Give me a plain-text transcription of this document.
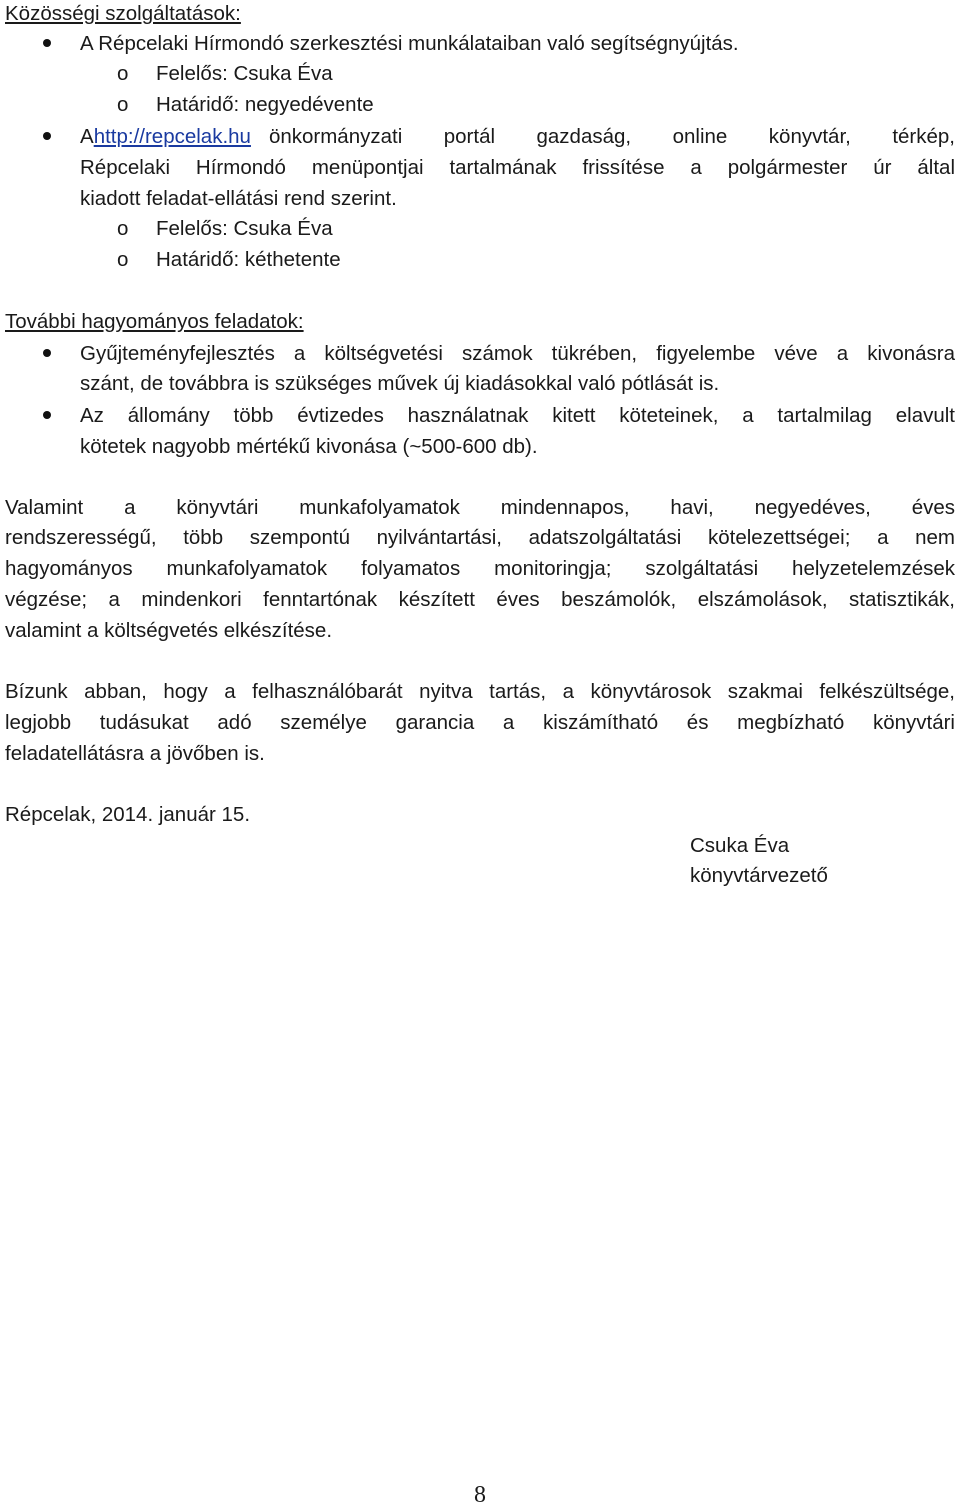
Közösségi szolgáltatások:
A Répcelaki Hírmondó szerkesztési munkálataiban való segítségnyújtás.
o Felelős: Csuka Éva
o Határidő: negyedévente
A http://repcelak.hu önkormányzati portál gazdaság, online könyvtár, térkép,
Répcelaki Hírmondó menüpontjai tartalmának frissítése a polgármester úr által
kiadott feladat-ellátási rend szerint.
o Felelős: Csuka Éva
o Határidő: kéthetente
További hagyományos feladatok:
Gyűjteményfejlesztés a költségvetési számok tükrében, figyelembe véve a kivonásra
szánt, de továbbra is szükséges művek új kiadásokkal való pótlását is.
Az állomány több évtizedes használatnak kitett köteteinek, a tartalmilag elavult
kötetek nagyobb mértékű kivonása (~500-600 db).
Valamint a könyvtári munkafolyamatok mindennapos, havi, negyedéves, éves
rendszerességű, több szempontú nyilvántartási, adatszolgáltatási kötelezettségei; a nem
hagyományos munkafolyamatok folyamatos monitoringja; szolgáltatási helyzetelemzések
végzése; a mindenkori fenntartónak készített éves beszámolók, elszámolások, statisztikák,
valamint a költségvetés elkészítése.
Bízunk abban, hogy a felhasználóbarát nyitva tartás, a könyvtárosok szakmai felkészültsége,
legjobb tudásukat adó személye garancia a kiszámítható és megbízható könyvtári
feladatellátásra a jövőben is.
Répcelak, 2014. január 15.
Csuka Éva
könyvtárvezető
8
